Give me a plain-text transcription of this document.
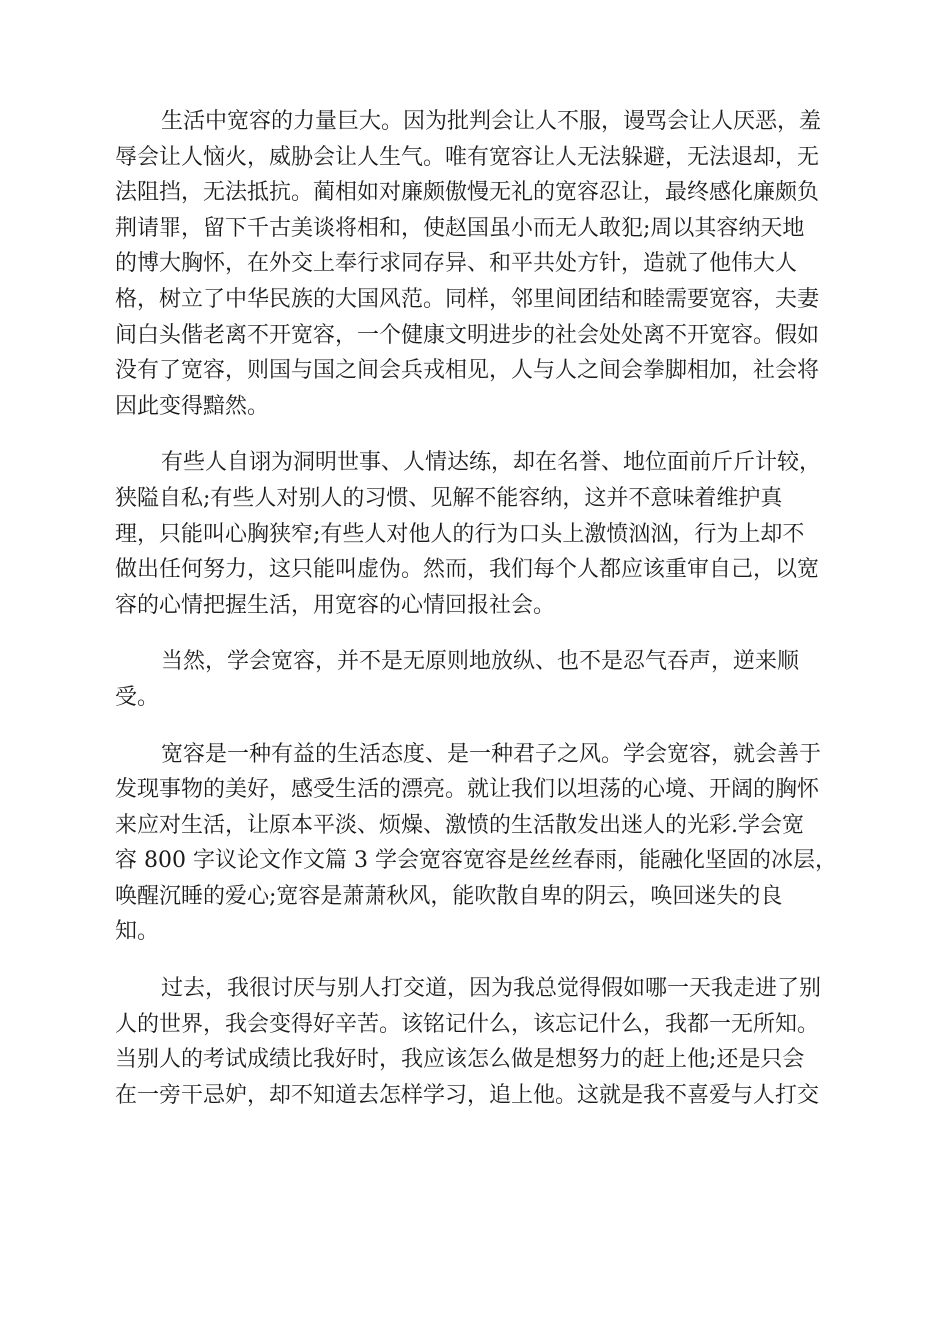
生活中宽容的力量巨大。因为批判会让人不服，谩骂会让人厌恶，羞
辱会让人恼火，威胁会让人生气。唯有宽容让人无法躲避，无法退却，无
法阻挡，无法抵抗。蔺相如对廉颇傲慢无礼的宽容忍让，最终感化廉颇负
荆请罪，留下千古美谈将相和，使赵国虽小而无人敢犯;周以其容纳天地
的博大胸怀，在外交上奉行求同存异、和平共处方针，造就了他伟大人
格，树立了中华民族的大国风范。同样，邻里间团结和睦需要宽容，夫妻
间白头偕老离不开宽容，一个健康文明进步的社会处处离不开宽容。假如
没有了宽容，则国与国之间会兵戎相见，人与人之间会拳脚相加，社会将
因此变得黯然。
有些人自诩为洞明世事、人情达练，却在名誉、地位面前斤斤计较，
狭隘自私;有些人对别人的习惯、见解不能容纳，这并不意味着维护真
理，只能叫心胸狭窄;有些人对他人的行为口头上激愤汹汹，行为上却不
做出任何努力，这只能叫虚伪。然而，我们每个人都应该重审自己，以宽
容的心情把握生活，用宽容的心情回报社会。
当然，学会宽容，并不是无原则地放纵、也不是忍气吞声，逆来顺
受。
宽容是一种有益的生活态度、是一种君子之风。学会宽容，就会善于
发现事物的美好，感受生活的漂亮。就让我们以坦荡的心境、开阔的胸怀
来应对生活，让原本平淡、烦燥、激愤的生活散发出迷人的光彩.学会宽
容 800 字议论文作文篇 3 学会宽容宽容是丝丝春雨，能融化坚固的冰层，
唤醒沉睡的爱心;宽容是萧萧秋风，能吹散自卑的阴云，唤回迷失的良
知。
过去，我很讨厌与别人打交道，因为我总觉得假如哪一天我走进了别
人的世界，我会变得好辛苦。该铭记什么，该忘记什么，我都一无所知。
当别人的考试成绩比我好时，我应该怎么做是想努力的赶上他;还是只会
在一旁干忌妒，却不知道去怎样学习，追上他。这就是我不喜爱与人打交
